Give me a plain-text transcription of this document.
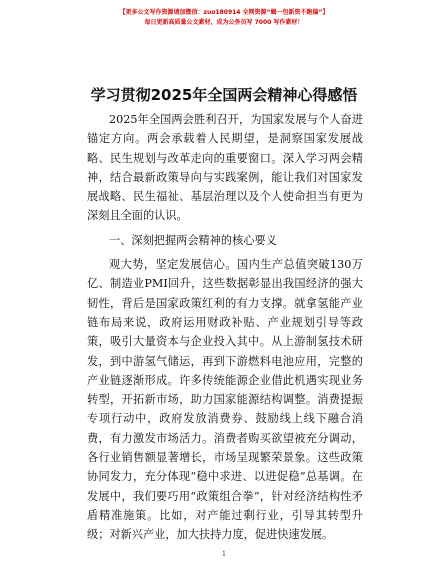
【更多公文写作资源请加微信：zuo180914 全网资源“蝎一包新资不跑偏”】
每日更新高质量公文素材，成为公务员写 7000 写作素材！
学习贯彻2025年全国两会精神心得感悟

2025年全国两会胜利召开，为国家发展与个人奋进锚定方向。两会承载着人民期望，是洞察国家发展战略、民生规划与改革走向的重要窗口。深入学习两会精神，结合最新政策导向与实践案例，能让我们对国家发展战略、民生福祉、基层治理以及个人使命担当有更为深刻且全面的认识。

一、深刻把握两会精神的核心要义

观大势，坚定发展信心。国内生产总值突破130万亿、制造业PMI回升，这些数据彰显出我国经济的强大韧性，背后是国家政策红利的有力支撑。就拿氢能产业链布局来说，政府运用财政补贴、产业规划引导等政策，吸引大量资本与企业投入其中。从上游制氢技术研发，到中游氢气储运，再到下游燃料电池应用，完整的产业链逐渐形成。许多传统能源企业借此机遇实现业务转型，开拓新市场，助力国家能源结构调整。消费提振专项行动中，政府发放消费券、鼓励线上线下融合消费，有力激发市场活力。消费者购买欲望被充分调动，各行业销售额显著增长，市场呈现繁荣景象。这些政策协同发力，充分体现“稳中求进、以进促稳”总基调。在发展中，我们要巧用“政策组合拳”，针对经济结构性矛盾精准施策。比如，对产能过剩行业，引导其转型升级；对新兴产业，加大扶持力度，促进快速发展。

1
